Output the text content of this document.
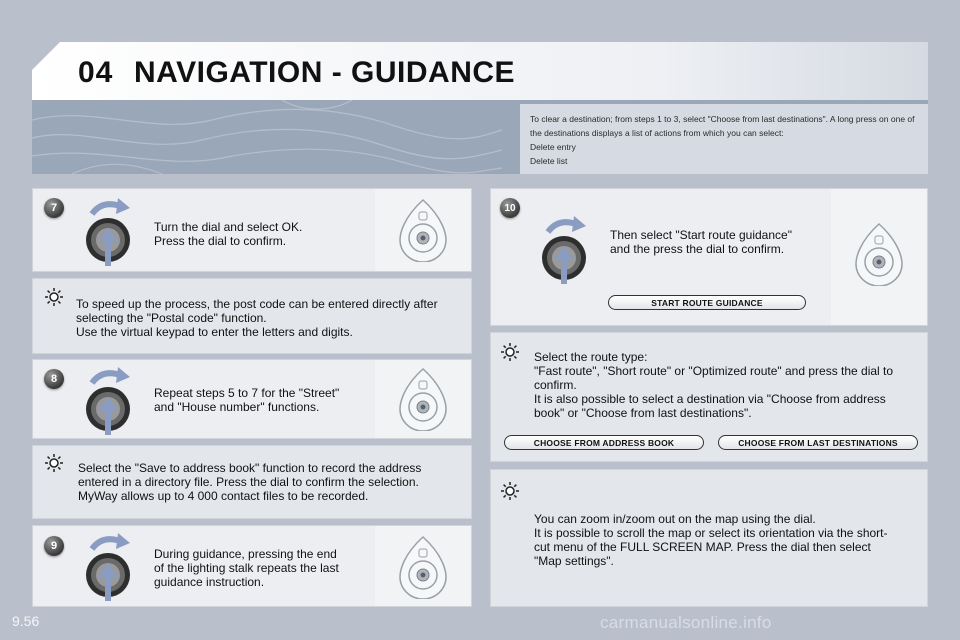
04 NAVIGATION - GUIDANCE

To clear a destination; from steps 1 to 3, select "Choose from last destinations". A long press on one of the destinations displays a list of actions from which you can select:

Delete entry

Delete list

7

Turn the dial and select OK.

Press the dial to confirm.

To speed up the process, the post code can be entered directly after

selecting the "Postal code" function.

Use the virtual keypad to enter the letters and digits.

8

Repeat steps 5 to 7 for the "Street"

and "House number" functions.

Select the "Save to address book" function to record the address

entered in a directory file. Press the dial to confirm the selection.

MyWay allows up to 4 000 contact files to be recorded.

9

During guidance, pressing the end

of the lighting stalk repeats the last

guidance instruction.

10

Then select "Start route guidance"

and the press the dial to confirm.

START ROUTE GUIDANCE

Select the route type:

"Fast route", "Short route" or "Optimized route" and press the dial to

confirm.

It is also possible to select a destination via "Choose from address

book" or "Choose from last destinations".

CHOOSE FROM ADDRESS BOOK	CHOOSE FROM LAST DESTINATIONS

You can zoom in/zoom out on the map using the dial.

It is possible to scroll the map or select its orientation via the short-

cut menu of the FULL SCREEN MAP. Press the dial then select

"Map settings".

9.56	carmanualsonline.info
